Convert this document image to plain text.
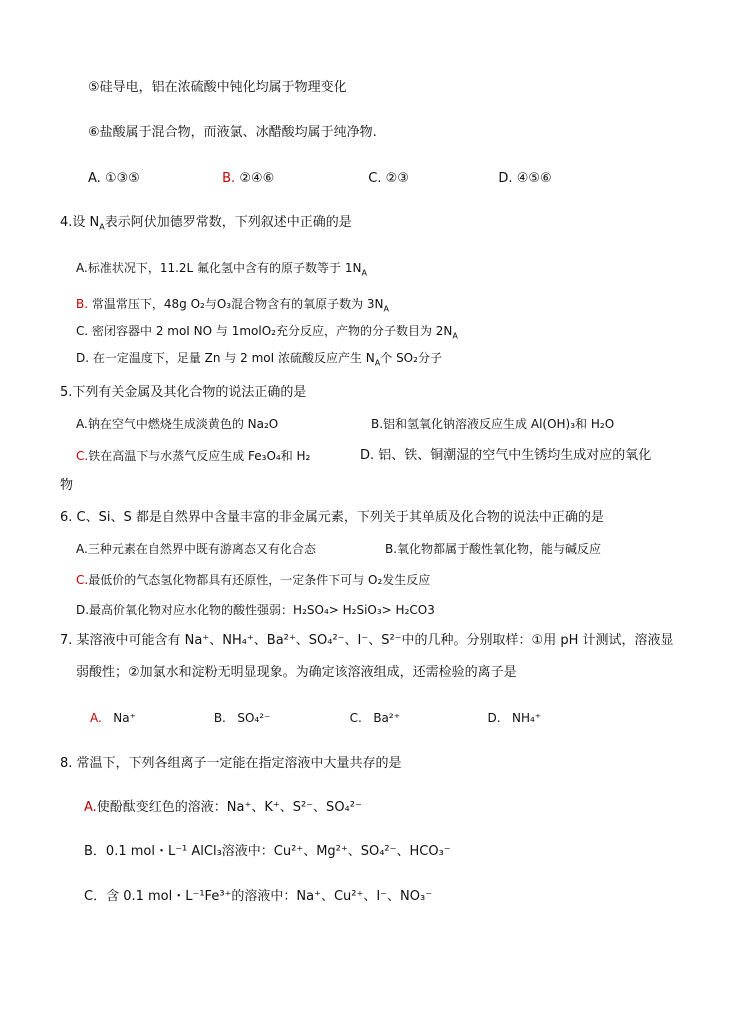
⑤硅导电，铝在浓硫酸中钝化均属于物理变化
⑥盐酸属于混合物，而液氯、冰醋酸均属于纯净物.
A. ①③⑤	B. ②④⑥	C. ②③	D. ④⑤⑥
4.设 $N_A$表示阿伏加德罗常数，下列叙述中正确的是
A.标准状况下，11.2L 氟化氢中含有的原子数等于 $1N_A$
B. 常温常压下，48g O₂与O₃混合物含有的氧原子数为 $3N_A$
C. 密闭容器中 2 moI NO 与 1molO₂充分反应，产物的分子数目为 $2N_A$
D. 在一定温度下，足量 Zn 与 2 moI 浓硫酸反应产生 $N_A$个 SO₂分子
5.下列有关金属及其化合物的说法正确的是
A.钠在空气中燃烧生成淡黄色的 Na₂O	B.铝和氢氧化钠溶液反应生成 Al(OH)₃和 H₂O
C.铁在高温下与水蒸气反应生成 Fe₃O₄和 H₂	D. 铝、铁、铜潮湿的空气中生锈均生成对应的氧化
物
6. C、Si、S 都是自然界中含量丰富的非金属元素，下列关于其单质及化合物的说法中正确的是
A.三种元素在自然界中既有游离态又有化合态	B.氧化物都属于酸性氧化物，能与碱反应
C.最低价的气态氢化物都具有还原性，一定条件下可与 O₂发生反应
D.最高价氧化物对应水化物的酸性强弱：H₂SO₄> H₂SiO₃> H₂CO3
7. 某溶液中可能含有 Na⁺、NH₄⁺、Ba²⁺、SO₄²⁻、I⁻、S²⁻中的几种。分别取样：①用 pH 计测试，溶液显
弱酸性；②加氯水和淀粉无明显现象。为确定该溶液组成，还需检验的离子是
A. Na⁺	B. SO₄²⁻	C. Ba²⁺	D. NH₄⁺
8. 常温下，下列各组离子一定能在指定溶液中大量共存的是
A.使酚酞变红色的溶液：Na⁺、K⁺、S²⁻、SO₄²⁻
B．0.1 mol・L⁻¹ AlCl₃溶液中：Cu²⁺、Mg²⁺、SO₄²⁻、HCO₃⁻
C．含 0.1 mol・L⁻¹Fe³⁺的溶液中：Na⁺、Cu²⁺、I⁻、NO₃⁻
